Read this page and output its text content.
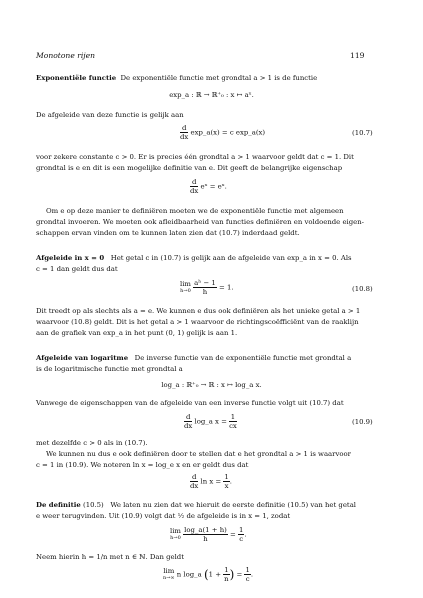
Monotone rijen	119
Exponentiële functie De exponentiële functie met grondtal a > 1 is de functie
exp_a : ℝ → ℝ⁺₀ : x ↦ aˣ.
De afgeleide van deze functie is gelijk aan
$\frac{d}{dx}$ exp_a(x) = c exp_a(x)	(10.7)
voor zekere constante c > 0. Er is precies één grondtal a > 1 waarvoor geldt dat c = 1. Dit
grondtal is e en dit is een mogelijke definitie van e. Dit geeft de belangrijke eigenschap
$\frac{d}{dx}$ eˣ = eˣ.
Om e op deze manier te definiëren moeten we de exponentiële functie met algemeen
grondtal invoeren. We moeten ook afleidbaarheid van functies definiëren en voldoende eigen-
schappen ervan vinden om te kunnen laten zien dat (10.7) inderdaad geldt.
Afgeleide in x = 0 Het getal c in (10.7) is gelijk aan de afgeleide van exp_a in x = 0. Als
c = 1 dan geldt dus dat
lim
h→0
$\frac{\text{aʰ − 1}}{h} = 1$.	(10.8)
Dit treedt op als slechts als a = e. We kunnen e dus ook definiëren als het unieke getal a > 1
waarvoor (10.8) geldt. Dit is het getal a > 1 waarvoor de richtingscoëfficiënt van de raaklijn
aan de grafiek van exp_a in het punt (0, 1) gelijk is aan 1.
Afgeleide van logaritme De inverse functie van de exponentiële functie met grondtal a
is de logaritmische functie met grondtal a
log_a : ℝ⁺₀ → ℝ : x ↦ log_a x.
Vanwege de eigenschappen van de afgeleide van een inverse functie volgt uit (10.7) dat
$\frac{d}{dx}$ log_a $x = \frac{1}{cx}$	(10.9)
met dezelfde c > 0 als in (10.7).
We kunnen nu dus e ook definiëren door te stellen dat e het grondtal a > 1 is waarvoor
c = 1 in (10.9). We noteren ln x = log_e x en er geldt dus dat
$\frac{d}{dx}$ $\ln x = \frac{1}{x}$ .
De definitie (10.5) We laten nu zien dat we hieruit de eerste definitie (10.5) van het getal
e weer terugvinden. Uit (10.9) volgt dat ½ de afgeleide is in x = 1, zodat
lim
h→0
$\frac{\log\_a(1 + h)}{h} = \frac{1}{c}$ .
Neem hierin h = 1/n met n ∈ ℕ. Dan geldt
lim
n→∞ n log_a ($1 + \frac{1}{n}$ ) = $\frac{1}{c}$ .
